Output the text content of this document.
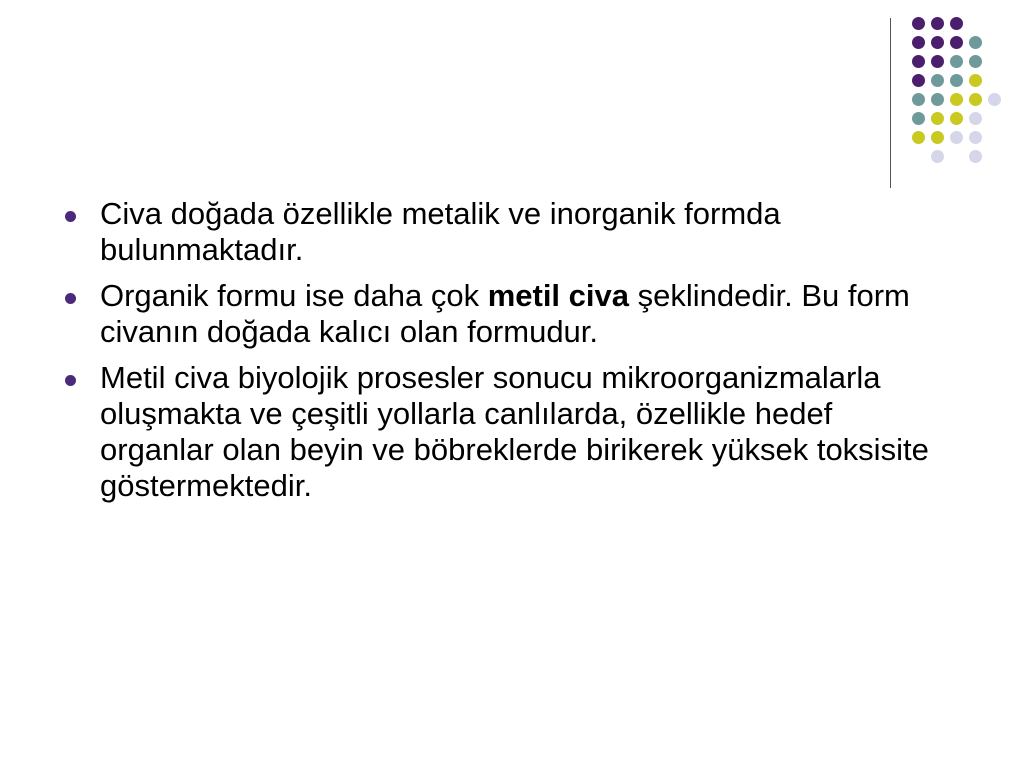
Civa doğada özellikle metalik ve inorganik formda bulunmaktadır.
Organik formu ise daha çok metil civa şeklindedir. Bu form civanın doğada kalıcı olan formudur.
Metil civa biyolojik prosesler sonucu mikroorganizmalarla oluşmakta ve çeşitli yollarla canlılarda, özellikle hedef organlar olan beyin ve böbreklerde birikerek yüksek toksisite göstermektedir.
